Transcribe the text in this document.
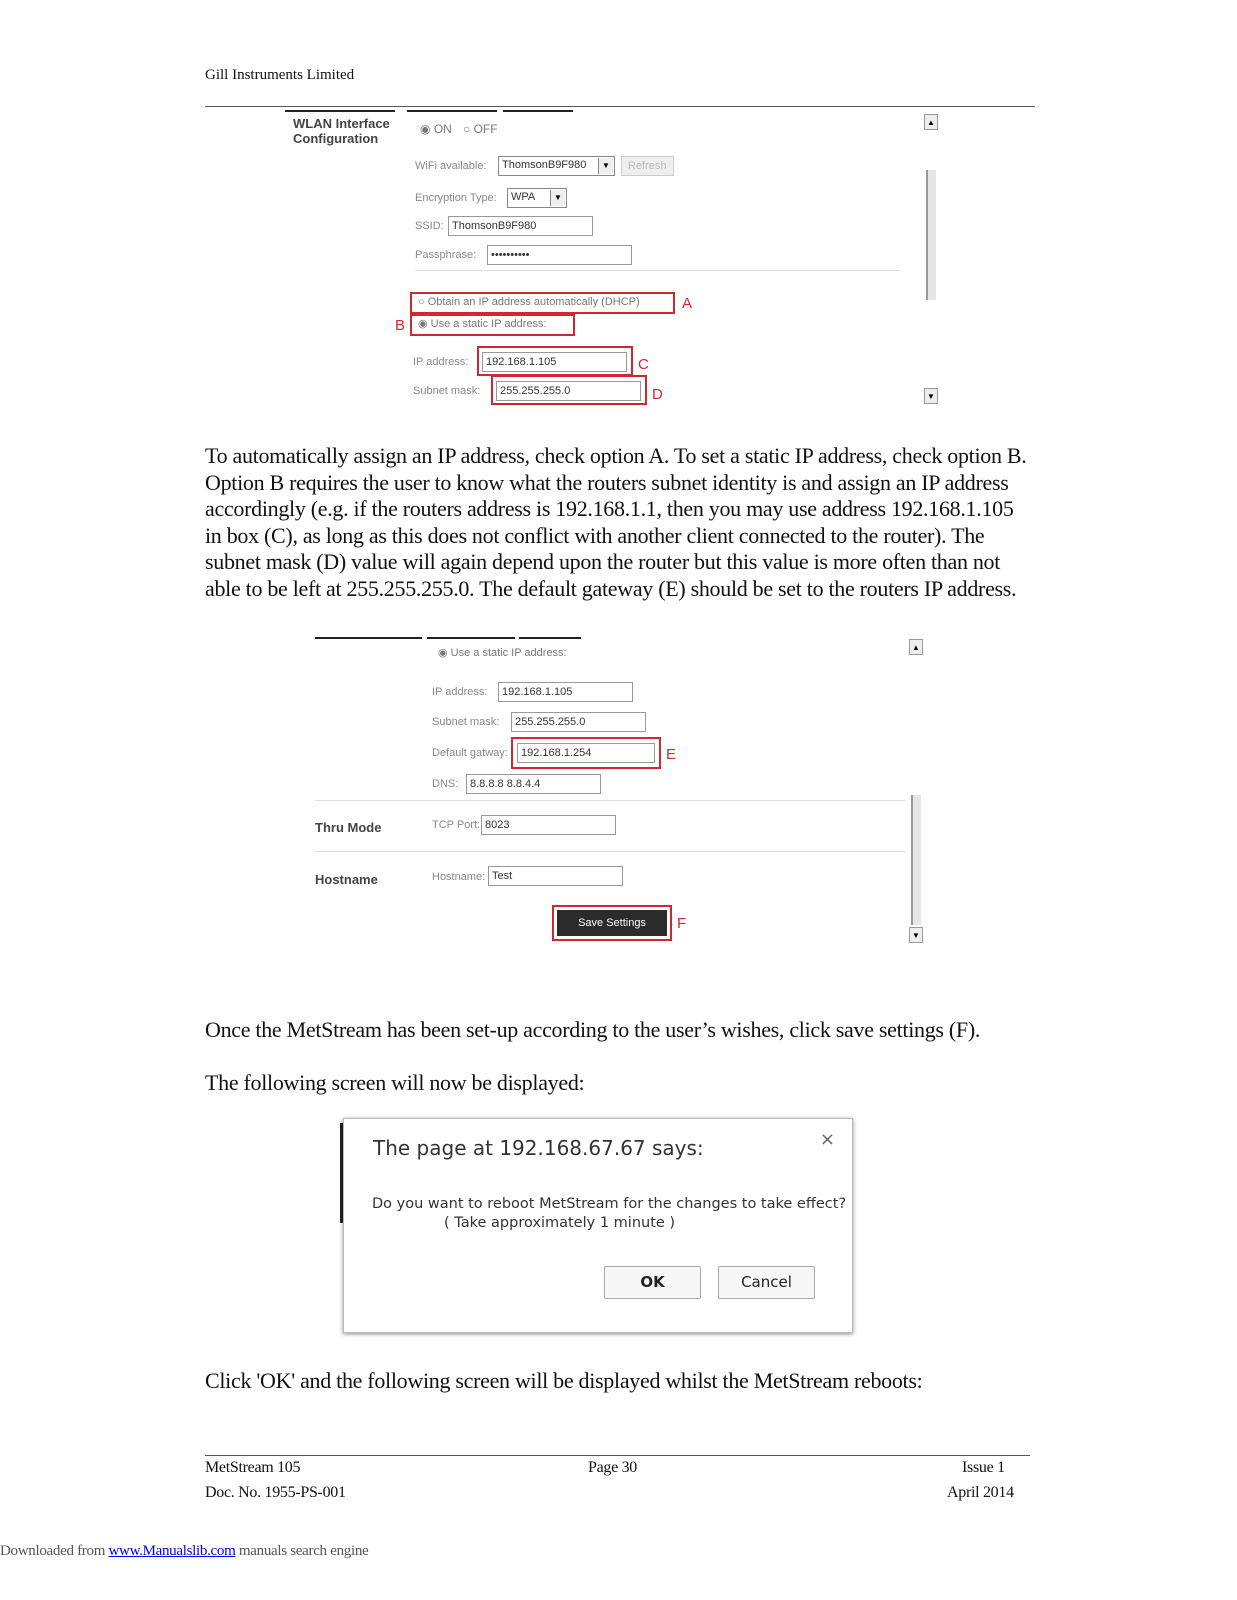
Gill Instruments Limited
WLAN Interface Configuration
◉ ON ○ OFF
WiFi available:	ThomsonB9F980	▼	Refresh
Encryption Type:	WPA	▼
SSID: ThomsonB9F980
Passphrase:	••••••••••
○ Obtain an IP address automatically (DHCP)	A
B ◉ Use a static IP address:
IP address:	192.168.1.105	C
Subnet mask:	255.255.255.0	D
▲
▼
To automatically assign an IP address, check option A. To set a static IP address, check option B. Option B requires the user to know what the routers subnet identity is and assign an IP address accordingly (e.g. if the routers address is 192.168.1.1, then you may use address 192.168.1.105 in box (C), as long as this does not conflict with another client connected to the router). The subnet mask (D) value will again depend upon the router but this value is more often than not able to be left at 255.255.255.0. The default gateway (E) should be set to the routers IP address.
◉ Use a static IP address:
IP address:	192.168.1.105
Subnet mask:	255.255.255.0
Default gatway:	192.168.1.254	E
DNS:	8.8.8.8 8.8.4.4
Thru Mode	TCP Port: 8023
Hostname	Hostname: Test
Save Settings	F
▲
▼
Once the MetStream has been set-up according to the user’s wishes, click save settings (F).
The following screen will now be displayed:
The page at 192.168.67.67 says:	×
Do you want to reboot MetStream for the changes to take effect?
( Take approximately 1 minute )
OK	Cancel
Click 'OK' and the following screen will be displayed whilst the MetStream reboots:
MetStream 105	Page 30	Issue 1
Doc. No. 1955-PS-001	April 2014
Downloaded from www.Manualslib.com manuals search engine
